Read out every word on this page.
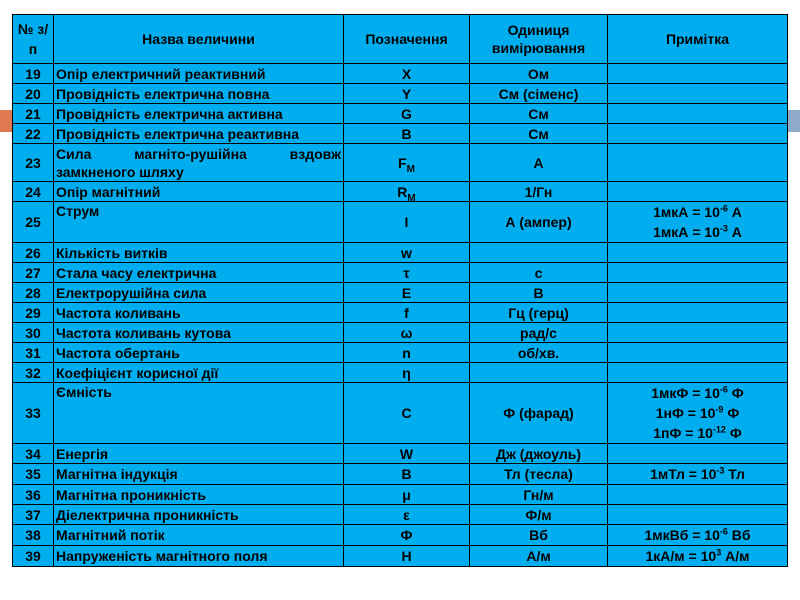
№ з/п	Назва величини	Позначення	Одиниця вимірювання	Примітка
19	Опір електричний реактивний	X	Ом	
20	Провідність електрична повна	Y	См (сіменс)	
21	Провідність електрична активна	G	См	
22	Провідність електрична реактивна	B	См	
23	Сила магніто-рушійна вздовж замкненого шляху	$F_M$	A	
24	Опір магнітний	$R_M$	1/Гн	
25	Струм	I	А (ампер)	$1мкА = 10^{-6}$ А
$1мкА = 10^{-3}$ А

26	Кількість витків	w		
27	Стала часу електрична	τ	с	
28	Електрорушійна сила	E	В	
29	Частота коливань	f	Гц (герц)	
30	Частота коливань кутова	ω	рад/с	
31	Частота обертань	n	об/хв.	
32	Коефіцієнт корисної дії	η		
33	Ємність	C	Ф (фарад)	$1мкФ = 10^{-6}$ Ф
$1нФ = 10^{-9}$ Ф
$1пФ = 10^{-12}$ Ф

34	Енергія	W	Дж (джоуль)	
35	Магнітна індукція	B	Тл (тесла)	$1мТл = 10^{-3}$ Тл

36	Магнітна проникність	μ	Гн/м	
37	Діелектрична проникність	ε	Ф/м	
38	Магнітний потік	Ф	Вб	1мкВб = $10^{-6}$ Вб

39	Напруженість магнітного поля	H	А/м	$1кА/м = 10^3$ А/м
